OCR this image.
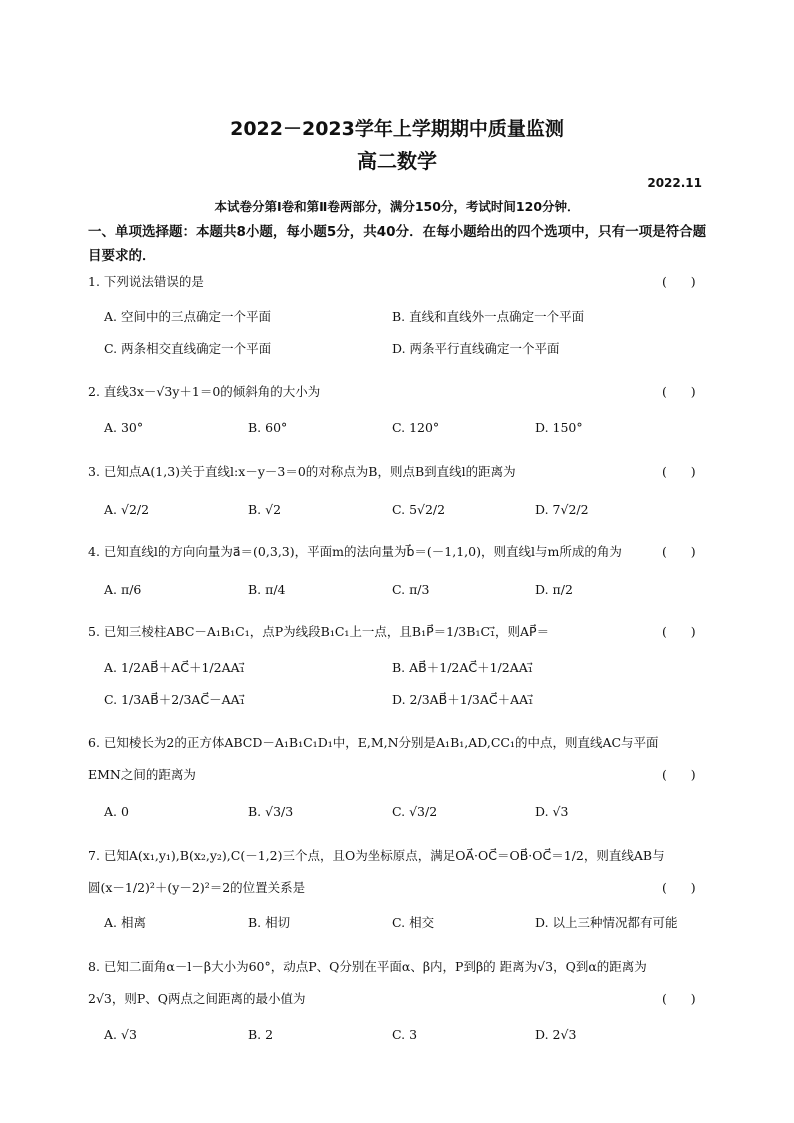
2022－2023学年上学期期中质量监测
高二数学
2022.11
本试卷分第Ⅰ卷和第Ⅱ卷两部分，满分150分，考试时间120分钟．
一、单项选择题：本题共8小题，每小题5分，共40分．在每小题给出的四个选项中，只有一项是符合题目要求的．
1. 下列说法错误的是	(      )
A. 空间中的三点确定一个平面	B. 直线和直线外一点确定一个平面
C. 两条相交直线确定一个平面	D. 两条平行直线确定一个平面
2. 直线3x－√3y＋1＝0的倾斜角的大小为	(      )
A. 30°	B. 60°	C. 120°	D. 150°
3. 已知点A(1,3)关于直线l:x－y－3＝0的对称点为B，则点B到直线l的距离为	(      )
A. √2/2	B. √2	C. 5√2/2	D. 7√2/2
4. 已知直线l的方向向量为a⃗＝(0,3,3)，平面m的法向量为b⃗＝(－1,1,0)，则直线l与m所成的角为	(      )
A. π/6	B. π/4	C. π/3	D. π/2
5. 已知三棱柱ABC－A₁B₁C₁，点P为线段B₁C₁上一点，且B₁P⃗＝1/3B₁C₁⃗，则AP⃗＝	(      )
A. 1/2AB⃗＋AC⃗＋1/2AA₁⃗	B. AB⃗＋1/2AC⃗＋1/2AA₁⃗
C. 1/3AB⃗＋2/3AC⃗－AA₁⃗	D. 2/3AB⃗＋1/3AC⃗＋AA₁⃗
6. 已知棱长为2的正方体ABCD－A₁B₁C₁D₁中，E,M,N分别是A₁B₁,AD,CC₁的中点，则直线AC与平面
EMN之间的距离为	(      )
A. 0	B. √3/3	C. √3/2	D. √3
7. 已知A(x₁,y₁),B(x₂,y₂),C(－1,2)三个点，且O为坐标原点，满足OA⃗·OC⃗＝OB⃗·OC⃗＝1/2，则直线AB与
圆(x－1/2)²＋(y－2)²＝2的位置关系是	(      )
A. 相离	B. 相切	C. 相交	D. 以上三种情况都有可能
8. 已知二面角α－l－β大小为60°，动点P、Q分别在平面α、β内，P到β的 距离为√3，Q到α的距离为
2√3，则P、Q两点之间距离的最小值为	(      )
A. √3	B. 2	C. 3	D. 2√3
